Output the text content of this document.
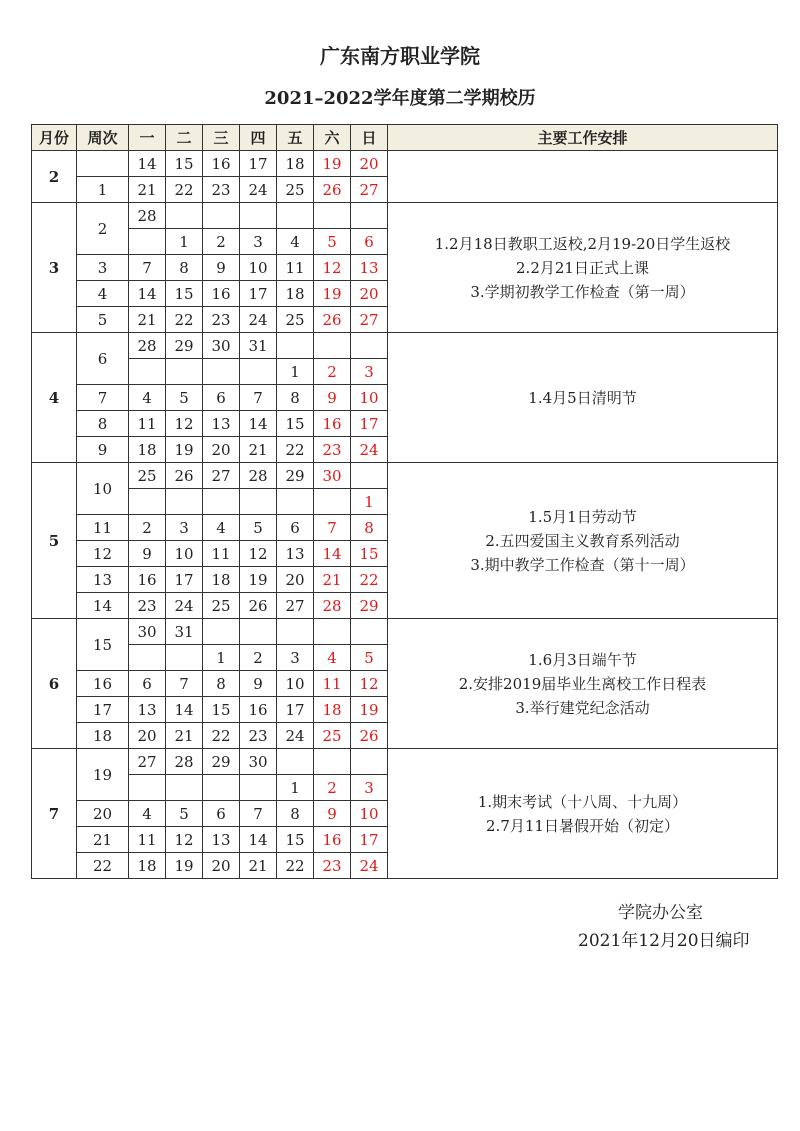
广东南方职业学院
2021–2022学年度第二学期校历
月份	周次	一	二	三	四	五	六	日	主要工作安排
2		14	15	16	17	18	19	20	
	1	21	22	23	24	25	26	27	
3	2	28							1.2月18日教职工返校,2月19-20日学生返校
2.2月21日正式上课
3.学期初教学工作检查（第一周）

			1	2	3	4	5	6	
	3	7	8	9	10	11	12	13	
	4	14	15	16	17	18	19	20	
	5	21	22	23	24	25	26	27	
4	6	28	29	30	31				1.4月5日清明节

						1	2	3	
	7	4	5	6	7	8	9	10	
	8	11	12	13	14	15	16	17	
	9	18	19	20	21	22	23	24	
5	10	25	26	27	28	29	30		1.5月1日劳动节
2.五四爱国主义教育系列活动
3.期中教学工作检查（第十一周）

								1	
	11	2	3	4	5	6	7	8	
	12	9	10	11	12	13	14	15	
	13	16	17	18	19	20	21	22	
	14	23	24	25	26	27	28	29	
6	15	30	31						1.6月3日端午节
2.安排2019届毕业生离校工作日程表
3.举行建党纪念活动

				1	2	3	4	5	
	16	6	7	8	9	10	11	12	
	17	13	14	15	16	17	18	19	
	18	20	21	22	23	24	25	26	
7	19	27	28	29	30				1.期末考试（十八周、十九周）
2.7月11日暑假开始（初定）

						1	2	3	
	20	4	5	6	7	8	9	10	
	21	11	12	13	14	15	16	17	
	22	18	19	20	21	22	23	24	
学院办公室
2021年12月20日编印
